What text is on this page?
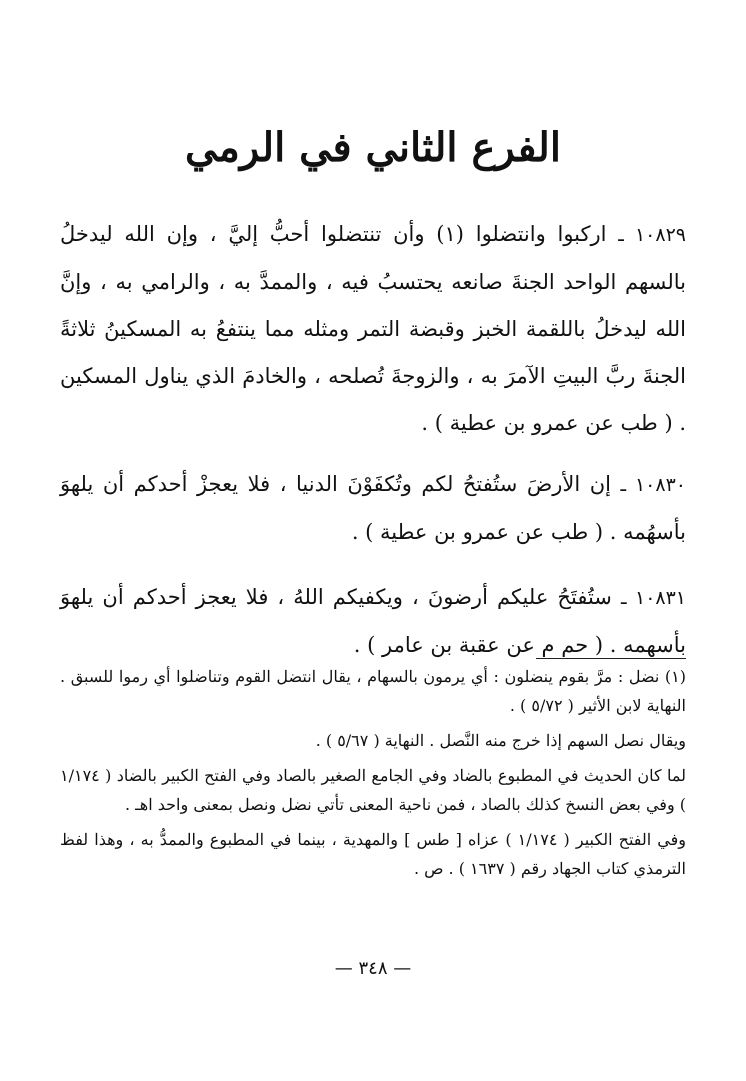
الفرع الثاني في الرمي

١٠٨٢٩ ـ اركبوا وانتضلوا (١) وأن تنتضلوا أحبُّ إليَّ ، وإن الله ليدخلُ بالسهم الواحد الجنةَ صانعه يحتسبُ فيه ، والممدَّ به ، والرامي به ، وإنَّ الله ليدخلُ باللقمة الخبز وقبضة التمر ومثله مما ينتفعُ به المسكينُ ثلاثةً الجنةَ ربَّ البيتِ الآمرَ به ، والزوجةَ تُصلحه ، والخادمَ الذي يناول المسكين . ( طب عن عمرو بن عطية ) .

١٠٨٣٠ ـ إن الأرضَ ستُفتحُ لكم وتُكفَوْنَ الدنيا ، فلا يعجزْ أحدكم أن يلهوَ بأسهُمه . ( طب عن عمرو بن عطية ) .

١٠٨٣١ ـ ستُفتَحُ عليكم أرضونَ ، ويكفيكم اللهُ ، فلا يعجز أحدكم أن يلهوَ بأسهمه . ( حم م عن عقبة بن عامر ) .

(١) نضل : مرَّ بقوم ينضلون : أي يرمون بالسهام ، يقال انتضل القوم وتناضلوا أي رموا للسبق . النهاية لابن الأثير ( ٥/٧٢ ) .

ويقال نصل السهم إذا خرج منه النَّصل . النهاية ( ٥/٦٧ ) .

لما كان الحديث في المطبوع بالضاد وفي الجامع الصغير بالصاد وفي الفتح الكبير بالضاد ( ١/١٧٤ ) وفي بعض النسخ كذلك بالصاد ، فمن ناحية المعنى تأتي نضل ونصل بمعنى واحد اهـ .

وفي الفتح الكبير ( ١/١٧٤ ) عزاه [ طس ] والمهدية ، بينما في المطبوع والممدُّ به ، وهذا لفظ الترمذي كتاب الجهاد رقم ( ١٦٣٧ ) . ص .

— ٣٤٨ —
